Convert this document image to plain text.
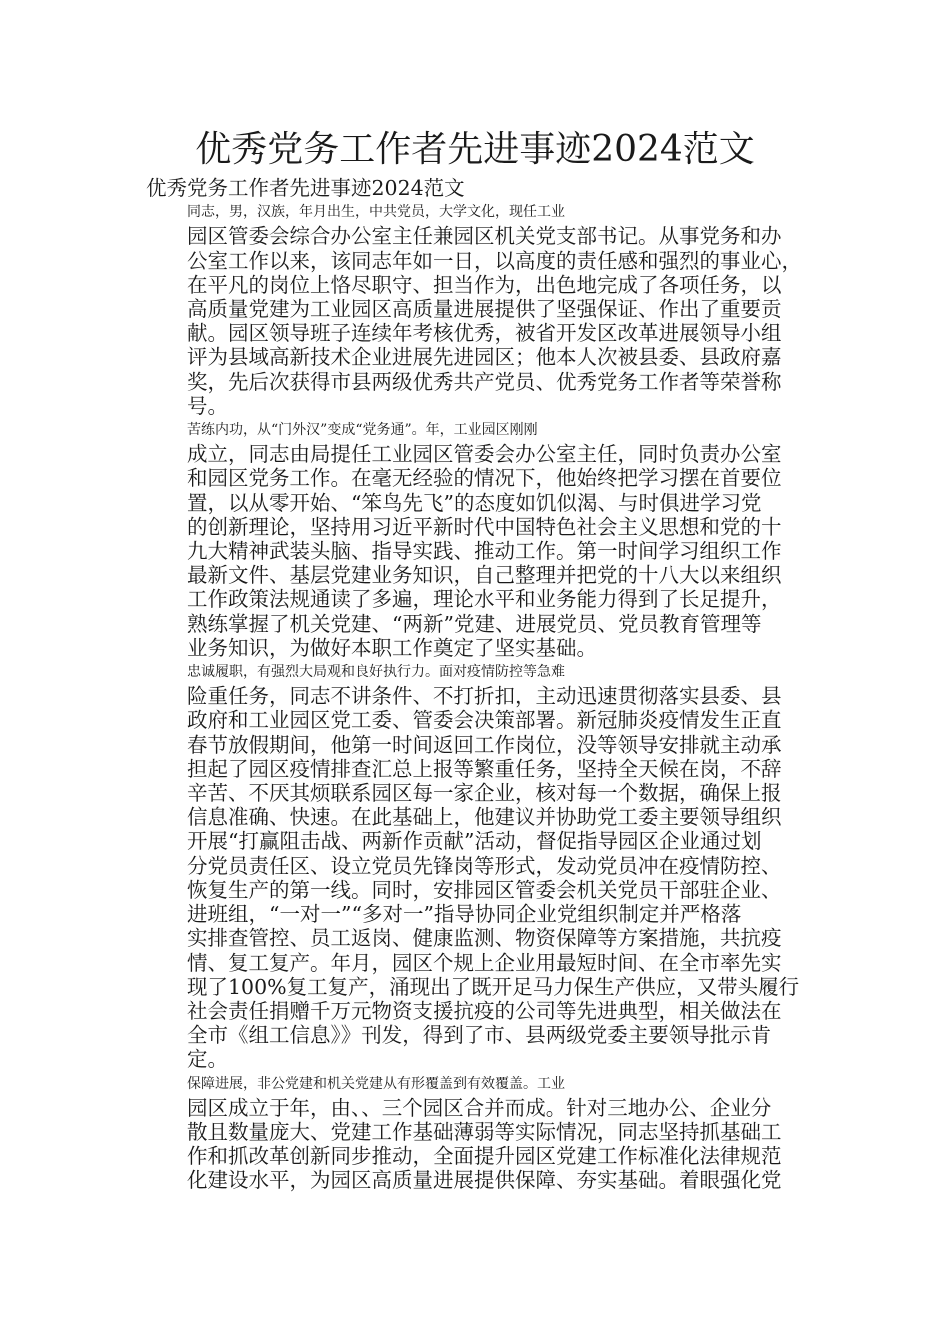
优秀党务工作者先进事迹2024范文

优秀党务工作者先进事迹2024范文

同志，男，汉族，年月出生，中共党员，大学文化，现任工业
园区管委会综合办公室主任兼园区机关党支部书记。从事党务和办
公室工作以来，该同志年如一日，以高度的责任感和强烈的事业心，
在平凡的岗位上恪尽职守、担当作为，出色地完成了各项任务，以
高质量党建为工业园区高质量进展提供了坚强保证、作出了重要贡
献。园区领导班子连续年考核优秀，被省开发区改革进展领导小组
评为县域高新技术企业进展先进园区；他本人次被县委、县政府嘉
奖，先后次获得市县两级优秀共产党员、优秀党务工作者等荣誉称
号。

苦练内功，从“门外汉”变成“党务通”。年，工业园区刚刚
成立，同志由局提任工业园区管委会办公室主任，同时负责办公室
和园区党务工作。在毫无经验的情况下，他始终把学习摆在首要位
置，以从零开始、“笨鸟先飞”的态度如饥似渴、与时俱进学习党
的创新理论，坚持用习近平新时代中国特色社会主义思想和党的十
九大精神武装头脑、指导实践、推动工作。第一时间学习组织工作
最新文件、基层党建业务知识，自己整理并把党的十八大以来组织
工作政策法规通读了多遍，理论水平和业务能力得到了长足提升，
熟练掌握了机关党建、“两新”党建、进展党员、党员教育管理等
业务知识，为做好本职工作奠定了坚实基础。

忠诚履职，有强烈大局观和良好执行力。面对疫情防控等急难
险重任务，同志不讲条件、不打折扣，主动迅速贯彻落实县委、县
政府和工业园区党工委、管委会决策部署。新冠肺炎疫情发生正直
春节放假期间，他第一时间返回工作岗位，没等领导安排就主动承
担起了园区疫情排查汇总上报等繁重任务，坚持全天候在岗，不辞
辛苦、不厌其烦联系园区每一家企业，核对每一个数据，确保上报
信息准确、快速。在此基础上，他建议并协助党工委主要领导组织
开展“打赢阻击战、两新作贡献”活动，督促指导园区企业通过划
分党员责任区、设立党员先锋岗等形式，发动党员冲在疫情防控、
恢复生产的第一线。同时，安排园区管委会机关党员干部驻企业、
进班组，“一对一”“多对一”指导协同企业党组织制定并严格落
实排查管控、员工返岗、健康监测、物资保障等方案措施，共抗疫
情、复工复产。年月，园区个规上企业用最短时间、在全市率先实
现了100%复工复产，涌现出了既开足马力保生产供应，又带头履行
社会责任捐赠千万元物资支援抗疫的公司等先进典型，相关做法在
全市《组工信息》》刊发，得到了市、县两级党委主要领导批示肯
定。

保障进展，非公党建和机关党建从有形覆盖到有效覆盖。工业
园区成立于年，由、、三个园区合并而成。针对三地办公、企业分
散且数量庞大、党建工作基础薄弱等实际情况，同志坚持抓基础工
作和抓改革创新同步推动，全面提升园区党建工作标准化法律规范
化建设水平，为园区高质量进展提供保障、夯实基础。着眼强化党
